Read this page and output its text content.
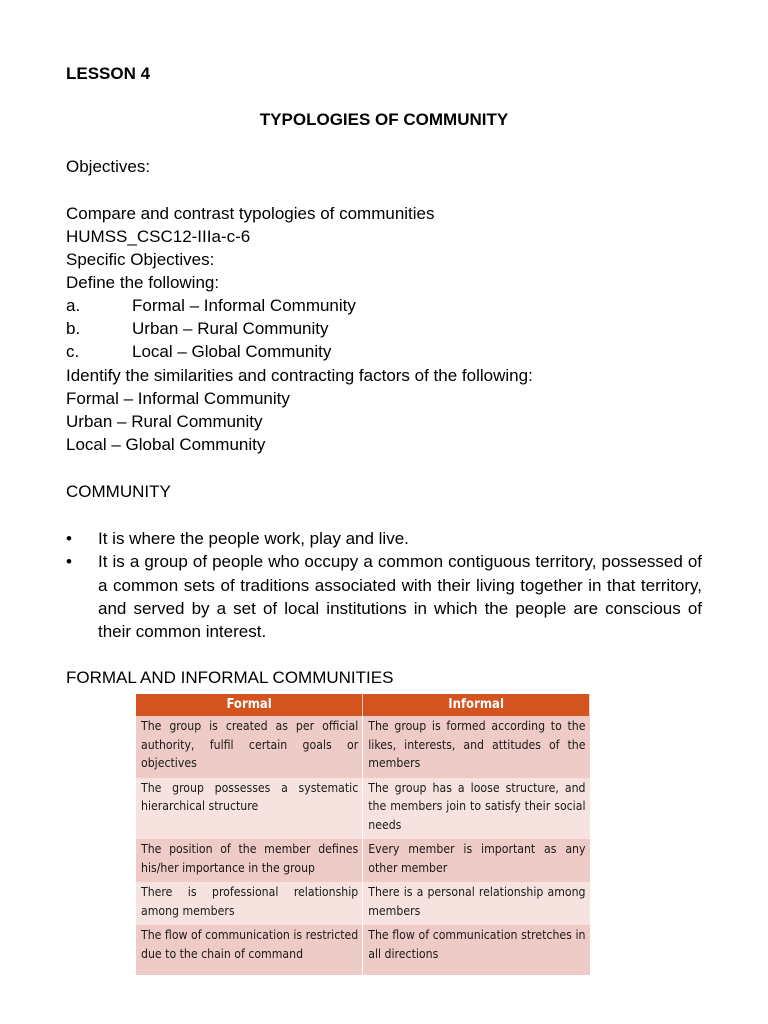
LESSON 4
TYPOLOGIES OF COMMUNITY
Objectives:
Compare and contrast typologies of communities
HUMSS_CSC12-IIIa-c-6
Specific Objectives:
Define the following:
a.	Formal – Informal Community
b.	Urban – Rural Community
c.	Local – Global Community
Identify the similarities and contracting factors of the following:
Formal – Informal Community
Urban – Rural Community
Local – Global Community
COMMUNITY
• It is where the people work, play and live.
• It is a group of people who occupy a common contiguous territory, possessed of a common sets of traditions associated with their living together in that territory, and served by a set of local institutions in which the people are conscious of their common interest.
FORMAL AND INFORMAL COMMUNITIES
Formal	Informal
The group is created as per official authority, fulfil certain goals or objectives	The group is formed according to the likes, interests, and attitudes of the members
The group possesses a systematic hierarchical structure	The group has a loose structure, and the members join to satisfy their social needs
The position of the member defines his/her importance in the group	Every member is important as any other member
There is professional relationship among members	There is a personal relationship among members
The flow of communication is restricted due to the chain of command	The flow of communication stretches in all directions
